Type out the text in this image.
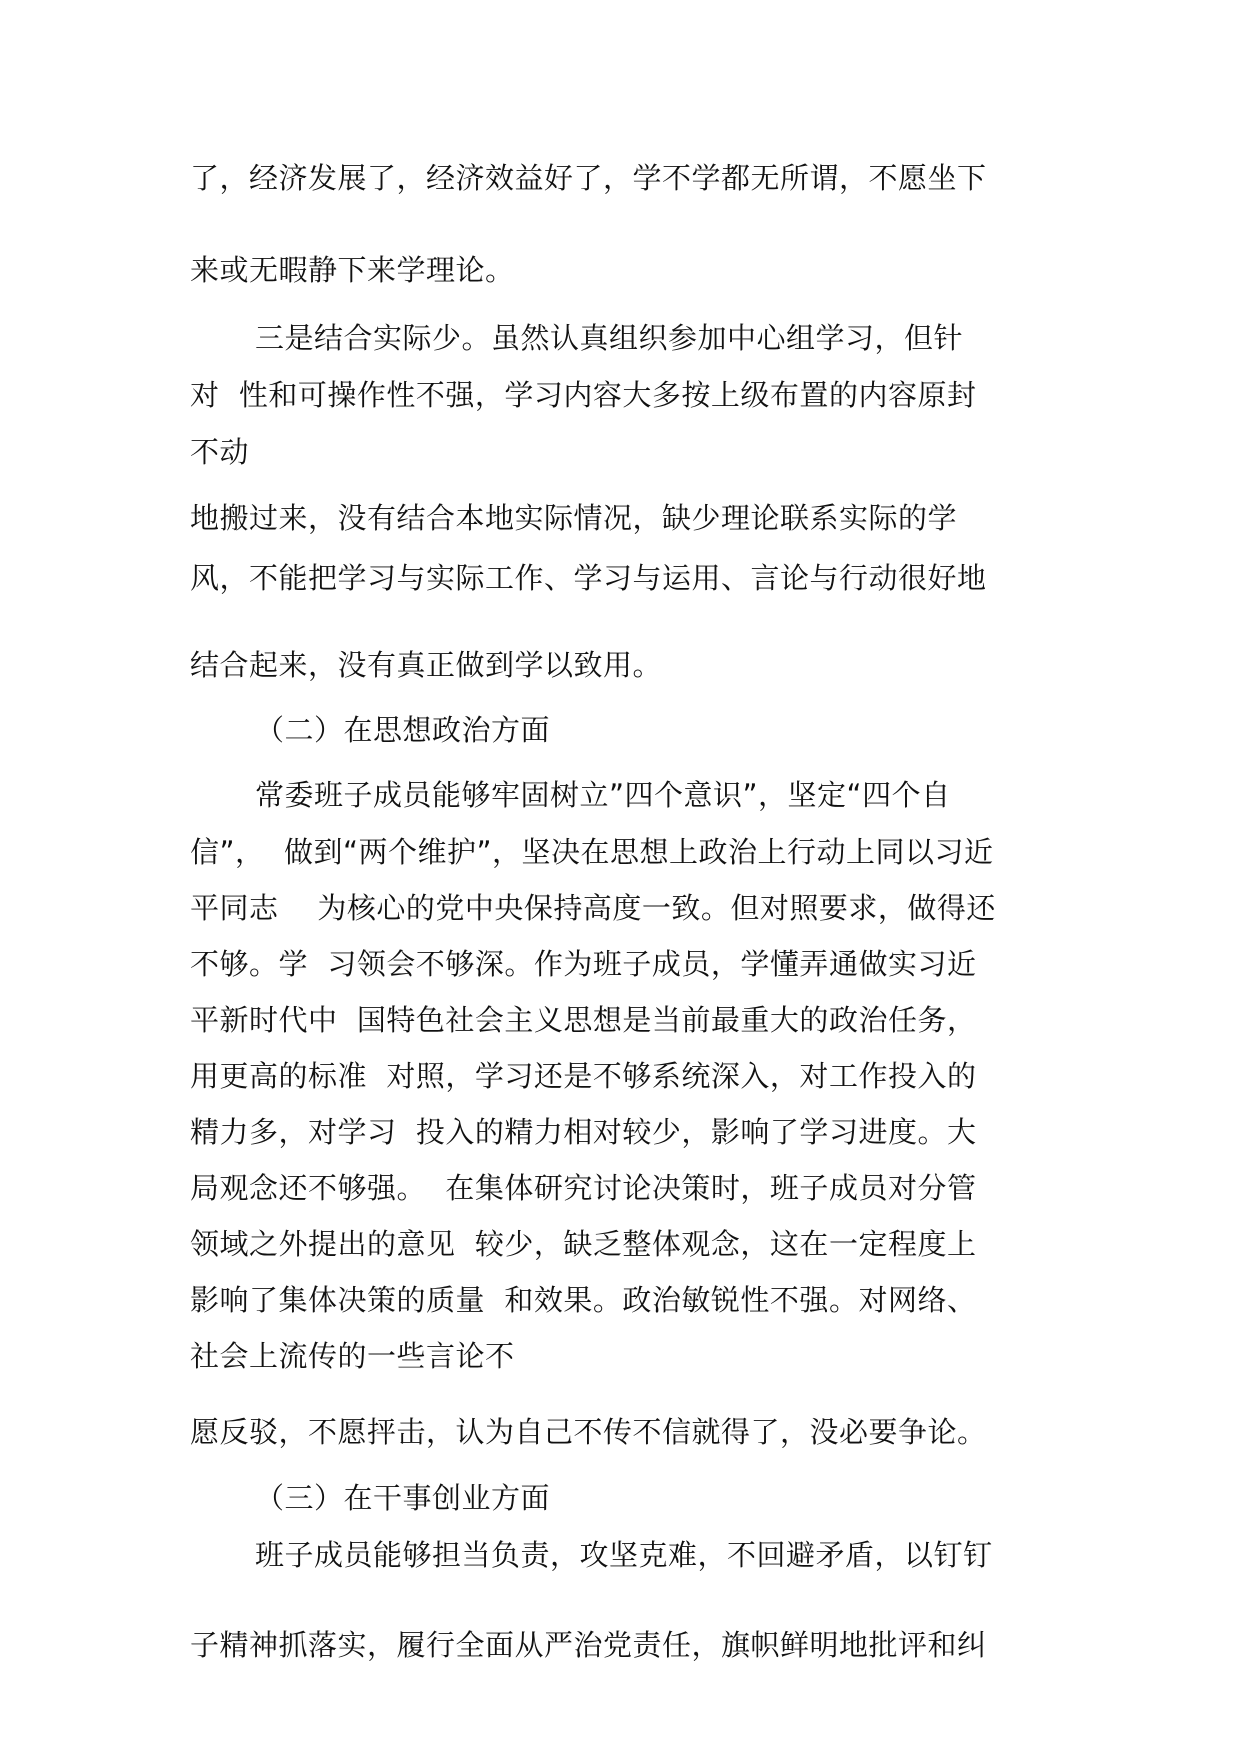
了，经济发展了，经济效益好了，学不学都无所谓，不愿坐下
来或无暇静下来学理论。
三是结合实际少。虽然认真组织参加中心组学习，但针
对  性和可操作性不强，学习内容大多按上级布置的内容原封
不动
地搬过来，没有结合本地实际情况，缺少理论联系实际的学
风，不能把学习与实际工作、学习与运用、言论与行动很好地
结合起来，没有真正做到学以致用。
（二）在思想政治方面
常委班子成员能够牢固树立”四个意识”，坚定“四个自
信”，  做到“两个维护”，坚决在思想上政治上行动上同以习近
平同志    为核心的党中央保持高度一致。但对照要求，做得还
不够。学  习领会不够深。作为班子成员，学懂弄通做实习近
平新时代中  国特色社会主义思想是当前最重大的政治任务，
用更高的标准  对照，学习还是不够系统深入，对工作投入的
精力多，对学习  投入的精力相对较少，影响了学习进度。大
局观念还不够强。  在集体研究讨论决策时，班子成员对分管
领域之外提出的意见  较少，缺乏整体观念，这在一定程度上
影响了集体决策的质量  和效果。政治敏锐性不强。对网络、
社会上流传的一些言论不
愿反驳，不愿抨击，认为自己不传不信就得了，没必要争论。
（三）在干事创业方面
班子成员能够担当负责，攻坚克难，不回避矛盾，以钉钉
子精神抓落实，履行全面从严治党责任，旗帜鲜明地批评和纠
